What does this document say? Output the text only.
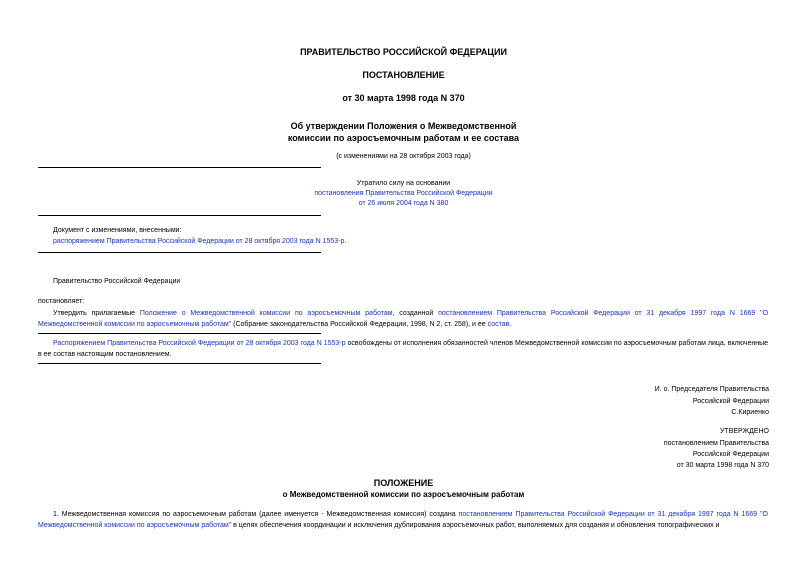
ПРАВИТЕЛЬСТВО РОССИЙСКОЙ ФЕДЕРАЦИИ
ПОСТАНОВЛЕНИЕ
от 30 марта 1998 года N 370
Об утверждении Положения о Межведомственной
комиссии по аэросъемочным работам и ее состава
(с изменениями на 28 октября 2003 года)
Утратило силу на основании
постановления Правительства Российской Федерации
от 26 июля 2004 года N 380
Документ с изменениями, внесенными:
распоряжением Правительства Российской Федерации от 28 октября 2003 года N 1553-р.
Правительство Российской Федерации
постановляет:
Утвердить прилагаемые Положение о Межведомственной комиссии по аэросъемочным работам, созданной постановлением Правительства Российской Федерации от 31 декабря 1997 года N 1669 "О Межведомственной комиссии по аэросъемочным работам" (Собрание законодательства Российской Федерации, 1998, N 2, ст. 258), и ее состав.
Распоряжением Правительства Российской Федерации от 28 октября 2003 года N 1553-р освобождены от исполнения обязанностей членов Межведомственной комиссии по аэросъемочным работам лица, включенные в ее состав настоящим постановлением.
И. о. Председателя Правительства
Российской Федерации
С.Кириенко
УТВЕРЖДЕНО
постановлением Правительства
Российской Федерации
от 30 марта 1998 года N 370
ПОЛОЖЕНИЕ
о Межведомственной комиссии по аэросъемочным работам
1. Межведомственная комиссия по аэросъемочным работам (далее именуется - Межведомственная комиссия) создана постановлением Правительства Российской Федерации от 31 декабря 1997 года N 1669 "О Межведомственной комиссии по аэросъемочным работам" в целях обеспечения координации и исключения дублирования аэросъемочных работ, выполняемых для создания и обновления топографических и
